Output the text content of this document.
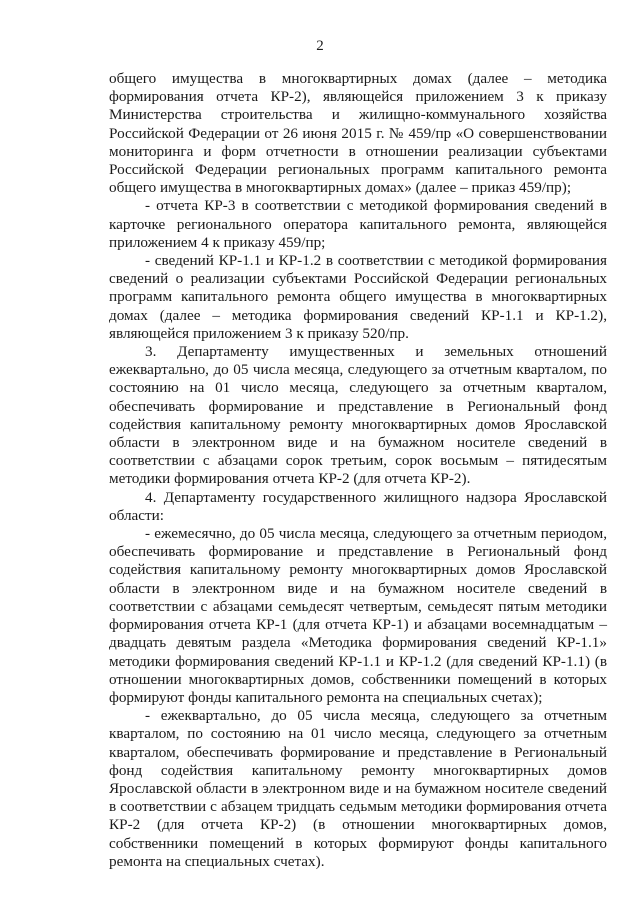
2

общего имущества в многоквартирных домах (далее – методика формирования отчета КР-2), являющейся приложением 3 к приказу Министерства строительства и жилищно-коммунального хозяйства Российской Федерации от 26 июня 2015 г. № 459/пр «О совершенствовании мониторинга и форм отчетности в отношении реализации субъектами Российской Федерации региональных программ капитального ремонта общего имущества в многоквартирных домах» (далее – приказ 459/пр);

- отчета КР-3 в соответствии с методикой формирования сведений в карточке регионального оператора капитального ремонта, являющейся приложением 4 к приказу 459/пр;

- сведений КР-1.1 и КР-1.2 в соответствии с методикой формирования сведений о реализации субъектами Российской Федерации региональных программ капитального ремонта общего имущества в многоквартирных домах (далее – методика формирования сведений КР-1.1 и КР-1.2), являющейся приложением 3 к приказу 520/пр.

3. Департаменту имущественных и земельных отношений ежеквартально, до 05 числа месяца, следующего за отчетным кварталом, по состоянию на 01 число месяца, следующего за отчетным кварталом, обеспечивать формирование и представление в Региональный фонд содействия капитальному ремонту многоквартирных домов Ярославской области в электронном виде и на бумажном носителе сведений в соответствии с абзацами сорок третьим, сорок восьмым – пятидесятым методики формирования отчета КР-2 (для отчета КР-2).

4. Департаменту государственного жилищного надзора Ярославской области:

- ежемесячно, до 05 числа месяца, следующего за отчетным периодом, обеспечивать формирование и представление в Региональный фонд содействия капитальному ремонту многоквартирных домов Ярославской области в электронном виде и на бумажном носителе сведений в соответствии с абзацами семьдесят четвертым, семьдесят пятым методики формирования отчета КР-1 (для отчета КР-1) и абзацами восемнадцатым – двадцать девятым раздела «Методика формирования сведений КР-1.1» методики формирования сведений КР-1.1 и КР-1.2 (для сведений КР-1.1) (в отношении многоквартирных домов, собственники помещений в которых формируют фонды капитального ремонта на специальных счетах);

- ежеквартально, до 05 числа месяца, следующего за отчетным кварталом, по состоянию на 01 число месяца, следующего за отчетным кварталом, обеспечивать формирование и представление в Региональный фонд содействия капитальному ремонту многоквартирных домов Ярославской области в электронном виде и на бумажном носителе сведений в соответствии с абзацем тридцать седьмым методики формирования отчета КР-2 (для отчета КР-2) (в отношении многоквартирных домов, собственники помещений в которых формируют фонды капитального ремонта на специальных счетах).
